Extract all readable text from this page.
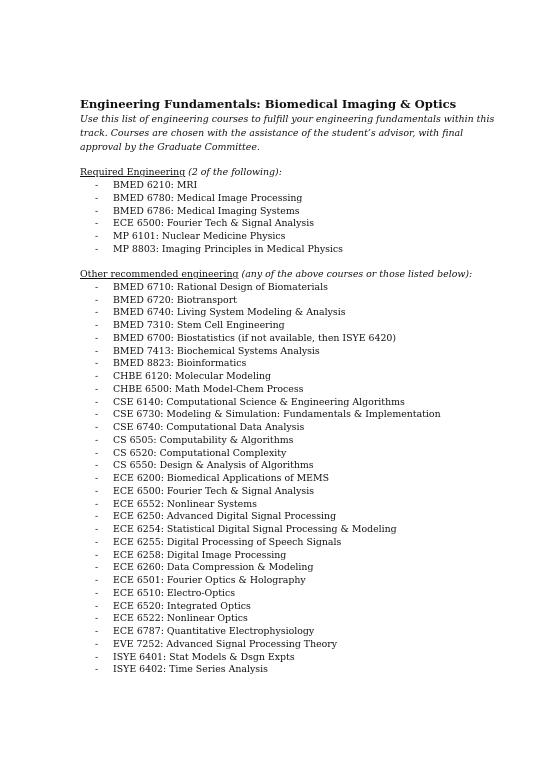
Engineering Fundamentals: Biomedical Imaging & Optics

Use this list of engineering courses to fulfill your engineering fundamentals within this
track. Courses are chosen with the assistance of the student’s advisor, with final
approval by the Graduate Committee.

Required Engineering (2 of the following):
- BMED 6210: MRI
- BMED 6780: Medical Image Processing
- BMED 6786: Medical Imaging Systems
- ECE 6500: Fourier Tech & Signal Analysis
- MP 6101: Nuclear Medicine Physics
- MP 8803: Imaging Principles in Medical Physics
Other recommended engineering (any of the above courses or those listed below):
- BMED 6710: Rational Design of Biomaterials
- BMED 6720: Biotransport
- BMED 6740: Living System Modeling & Analysis
- BMED 7310: Stem Cell Engineering
- BMED 6700: Biostatistics (if not available, then ISYE 6420)
- BMED 7413: Biochemical Systems Analysis
- BMED 8823: Bioinformatics
- CHBE 6120: Molecular Modeling
- CHBE 6500: Math Model-Chem Process
- CSE 6140: Computational Science & Engineering Algorithms
- CSE 6730: Modeling & Simulation: Fundamentals & Implementation
- CSE 6740: Computational Data Analysis
- CS 6505: Computability & Algorithms
- CS 6520: Computational Complexity
- CS 6550: Design & Analysis of Algorithms
- ECE 6200: Biomedical Applications of MEMS
- ECE 6500: Fourier Tech & Signal Analysis
- ECE 6552: Nonlinear Systems
- ECE 6250: Advanced Digital Signal Processing
- ECE 6254: Statistical Digital Signal Processing & Modeling
- ECE 6255: Digital Processing of Speech Signals
- ECE 6258: Digital Image Processing
- ECE 6260: Data Compression & Modeling
- ECE 6501: Fourier Optics & Holography
- ECE 6510: Electro-Optics
- ECE 6520: Integrated Optics
- ECE 6522: Nonlinear Optics
- ECE 6787: Quantitative Electrophysiology
- EVE 7252: Advanced Signal Processing Theory
- ISYE 6401: Stat Models & Dsgn Expts
- ISYE 6402: Time Series Analysis
